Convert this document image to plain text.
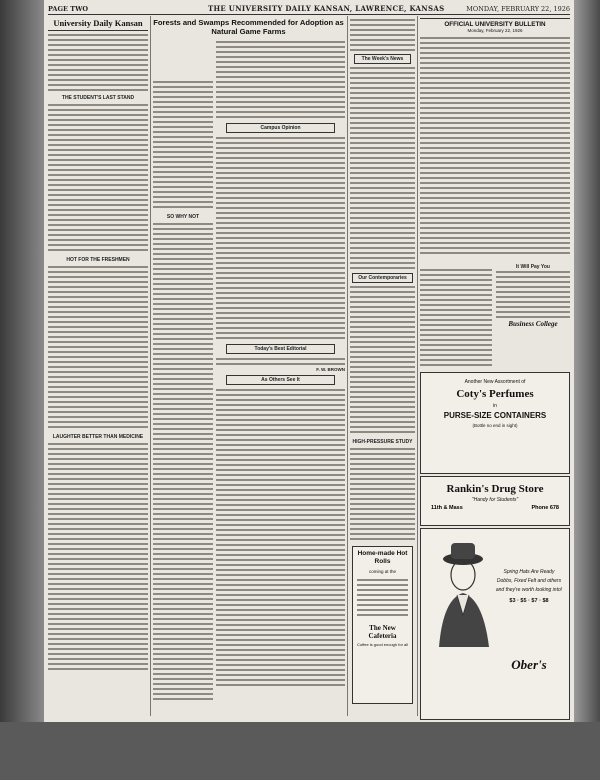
PAGE TWO	THE UNIVERSITY DAILY KANSAN, LAWRENCE, KANSAS	MONDAY, FEBRUARY 22, 1926
University Daily Kansan
THE STUDENT'S LAST STAND
HOT FOR THE FRESHMEN
LAUGHTER BETTER THAN MEDICINE
SO WHY NOT
Forests and Swamps Recommended for Adoption as Natural Game Farms
Campus Opinion
Today's Best Editorial
F. W. BROWN
As Others See It
The Week's News
Our Contemporaries
HIGH-PRESSURE STUDY
Home-made Hot Rolls
coming at the
The New Cafeteria
Coffee is good enough for all
OFFICIAL UNIVERSITY BULLETIN
Monday, February 22, 1926
It Will Pay You
Business College
Another New Assortment of
Coty's Perfumes
in
PURSE-SIZE CONTAINERS
(Bottle no end in sight)
Rankin's Drug Store
"Handy for Students"
11th & Mass	Phone 678
Spring Hats Are Ready
Dobbs, Fixed Felt and others
and they're worth looking into!
$3 · $5 · $7 · $8
Ober's
